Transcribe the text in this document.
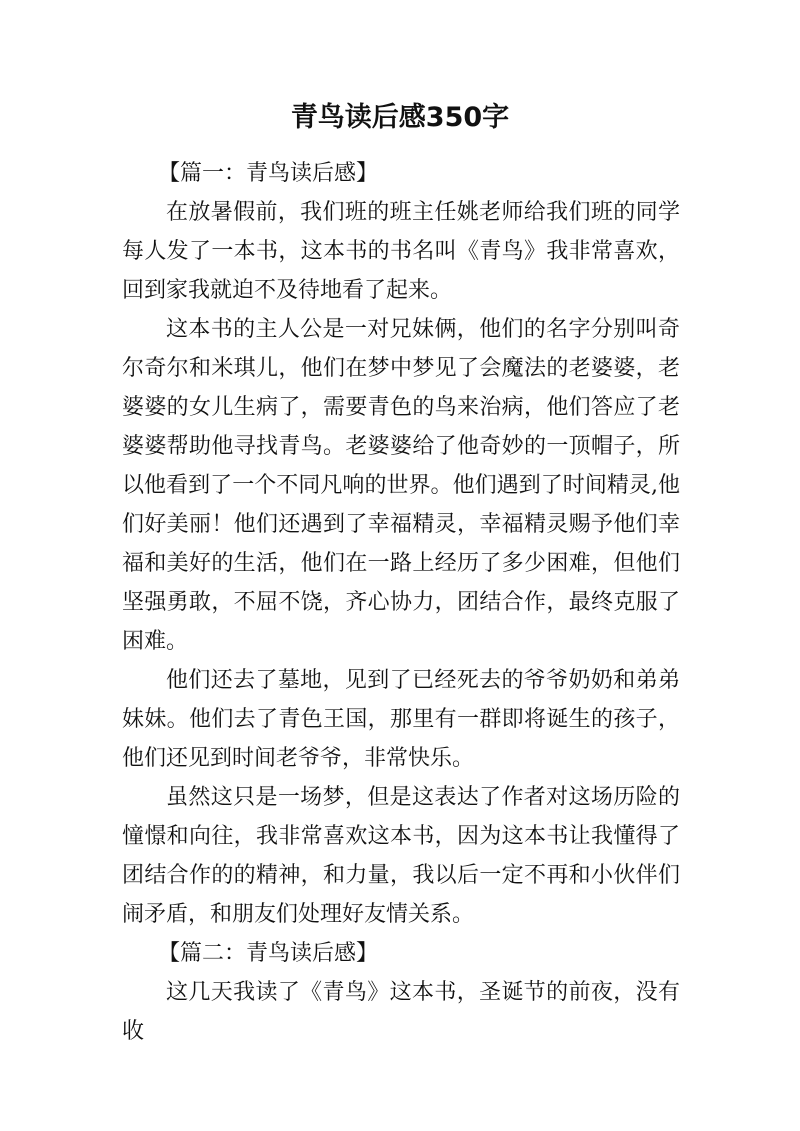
青鸟读后感350字

【篇一：青鸟读后感】

在放暑假前，我们班的班主任姚老师给我们班的同学每人发了一本书，这本书的书名叫《青鸟》我非常喜欢，回到家我就迫不及待地看了起来。

这本书的主人公是一对兄妹俩，他们的名字分别叫奇尔奇尔和米琪儿，他们在梦中梦见了会魔法的老婆婆，老婆婆的女儿生病了，需要青色的鸟来治病，他们答应了老婆婆帮助他寻找青鸟。老婆婆给了他奇妙的一顶帽子，所以他看到了一个不同凡响的世界。他们遇到了时间精灵,他们好美丽！他们还遇到了幸福精灵，幸福精灵赐予他们幸福和美好的生活，他们在一路上经历了多少困难，但他们坚强勇敢，不屈不饶，齐心协力，团结合作，最终克服了困难。

他们还去了墓地，见到了已经死去的爷爷奶奶和弟弟妹妹。他们去了青色王国，那里有一群即将诞生的孩子，他们还见到时间老爷爷，非常快乐。

虽然这只是一场梦，但是这表达了作者对这场历险的憧憬和向往，我非常喜欢这本书，因为这本书让我懂得了团结合作的的精神，和力量，我以后一定不再和小伙伴们闹矛盾，和朋友们处理好友情关系。

【篇二：青鸟读后感】

这几天我读了《青鸟》这本书，圣诞节的前夜，没有收
